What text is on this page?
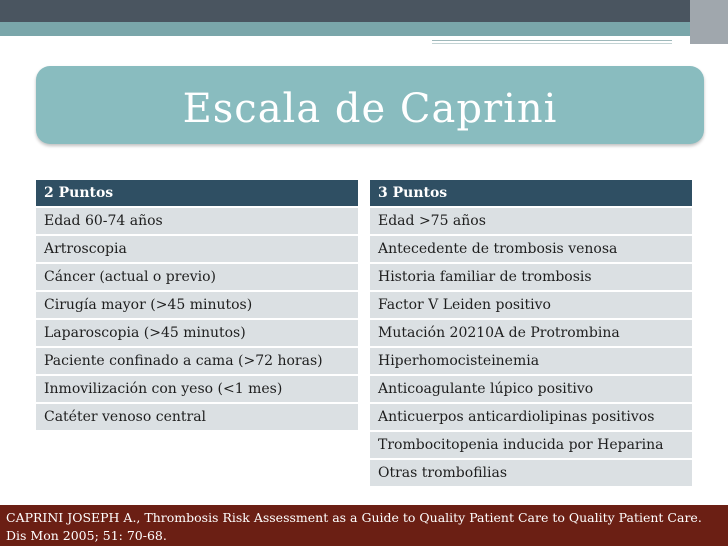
Escala de Caprini
2 Puntos
Edad 60-74 años
Artroscopia
Cáncer (actual o previo)
Cirugía mayor (>45 minutos)
Laparoscopia (>45 minutos)
Paciente confinado a cama (>72 horas)
Inmovilización con yeso (<1 mes)
Catéter venoso central
3 Puntos
Edad >75 años
Antecedente de trombosis venosa
Historia familiar de trombosis
Factor V Leiden positivo
Mutación 20210A de Protrombina
Hiperhomocisteinemia
Anticoagulante lúpico positivo
Anticuerpos anticardiolipinas positivos
Trombocitopenia inducida por Heparina
Otras trombofilias
CAPRINI JOSEPH A., Thrombosis Risk Assessment as a Guide to Quality Patient Care to Quality Patient Care. Dis Mon 2005; 51: 70-68.
